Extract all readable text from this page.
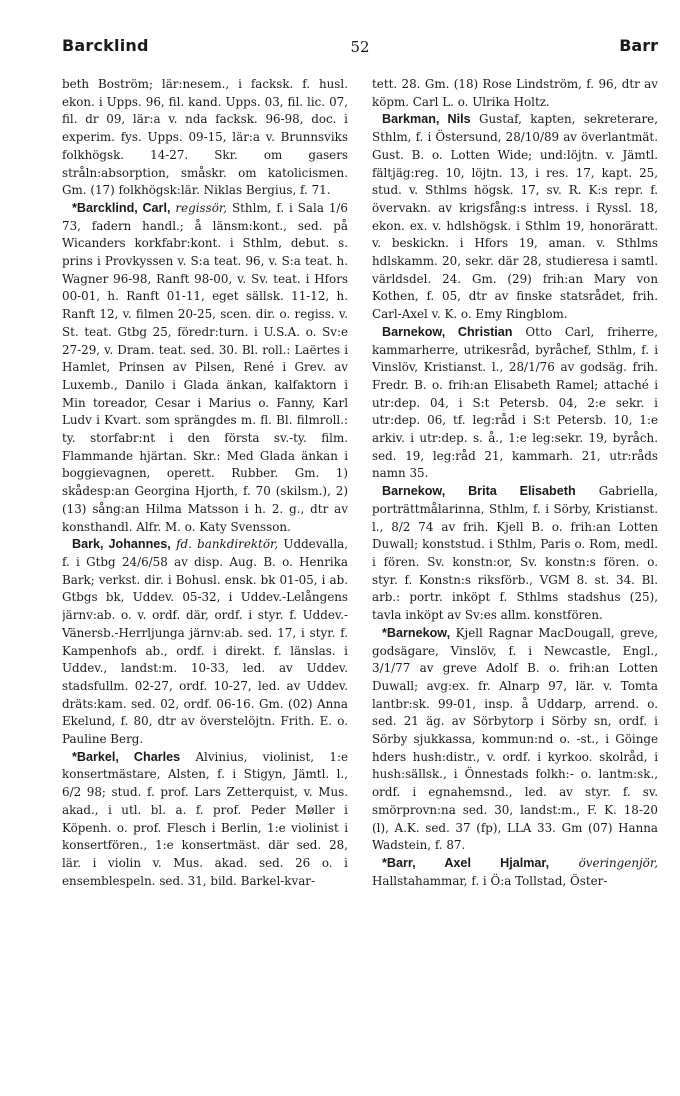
Barcklind	52	Barr

beth Boström; lär:nesem., i facksk. f. husl. ekon. i Upps. 96, fil. kand. Upps. 03, fil. lic. 07, fil. dr 09, lär:a v. nda facksk. 96-98, doc. i experim. fys. Upps. 09-15, lär:a v. Brunnsviks folkhögsk. 14-27. Skr. om gasers stråln:absorption, småskr. om katolicismen. Gm. (17) folkhögsk:lär. Niklas Bergius, f. 71.

*Barcklind, Carl, regissör, Sthlm, f. i Sala 1/6 73, fadern handl.; å länsm:kont., sed. på Wicanders korkfabr:kont. i Sthlm, debut. s. prins i Provkyssen v. S:a teat. 96, v. S:a teat. h. Wagner 96-98, Ranft 98-00, v. Sv. teat. i Hfors 00-01, h. Ranft 01-11, eget sällsk. 11-12, h. Ranft 12, v. filmen 20-25, scen. dir. o. regiss. v. St. teat. Gtbg 25, föredr:turn. i U.S.A. o. Sv:e 27-29, v. Dram. teat. sed. 30. Bl. roll.: Laërtes i Hamlet, Prinsen av Pilsen, René i Grev. av Luxemb., Danilo i Glada änkan, kalfaktorn i Min toreador, Cesar i Marius o. Fanny, Karl Ludv i Kvart. som sprängdes m. fl. Bl. filmroll.: ty. storfabr:nt i den första sv.-ty. film. Flammande hjärtan. Skr.: Med Glada änkan i boggievagnen, operett. Rubber. Gm. 1) skådesp:an Georgina Hjorth, f. 70 (skilsm.), 2) (13) sång:an Hilma Matsson i h. 2. g., dtr av konsthandl. Alfr. M. o. Katy Svensson.

Bark, Johannes, fd. bankdirektör, Uddevalla, f. i Gtbg 24/6/58 av disp. Aug. B. o. Henrika Bark; verkst. dir. i Bohusl. ensk. bk 01-05, i ab. Gtbgs bk, Uddev. 05-32, i Uddev.-Lelångens järnv:ab. o. v. ordf. där, ordf. i styr. f. Uddev.-Vänersb.-Herrljunga järnv:ab. sed. 17, i styr. f. Kampenhofs ab., ordf. i direkt. f. länslas. i Uddev., landst:m. 10-33, led. av Uddev. stadsfullm. 02-27, ordf. 10-27, led. av Uddev. dräts:kam. sed. 02, ordf. 06-16. Gm. (02) Anna Ekelund, f. 80, dtr av överstelöjtn. Frith. E. o. Pauline Berg.

*Barkel, Charles Alvinius, violinist, 1:e konsertmästare, Alsten, f. i Stigyn, Jämtl. l., 6/2 98; stud. f. prof. Lars Zetterquist, v. Mus. akad., i utl. bl. a. f. prof. Peder Møller i Köpenh. o. prof. Flesch i Berlin, 1:e violinist i konsertfören., 1:e konsertmäst. där sed. 28, lär. i violin v. Mus. akad. sed. 26 o. i ensemblespeln. sed. 31, bild. Barkel-kvar-

tett. 28. Gm. (18) Rose Lindström, f. 96, dtr av köpm. Carl L. o. Ulrika Holtz.

Barkman, Nils Gustaf, kapten, sekreterare, Sthlm, f. i Östersund, 28/10/89 av överlantmät. Gust. B. o. Lotten Wide; und:löjtn. v. Jämtl. fältjäg:reg. 10, löjtn. 13, i res. 17, kapt. 25, stud. v. Sthlms högsk. 17, sv. R. K:s repr. f. övervakn. av krigsfång:s intress. i Ryssl. 18, ekon. ex. v. hdlshögsk. i Sthlm 19, honoräratt. v. beskickn. i Hfors 19, aman. v. Sthlms hdlskamm. 20, sekr. där 28, studieresa i samtl. världsdel. 24. Gm. (29) frih:an Mary von Kothen, f. 05, dtr av finske statsrådet, frih. Carl-Axel v. K. o. Emy Ringblom.

Barnekow, Christian Otto Carl, friherre, kammarherre, utrikesråd, byråchef, Sthlm, f. i Vinslöv, Kristianst. l., 28/1/76 av godsäg. frih. Fredr. B. o. frih:an Elisabeth Ramel; attaché i utr:dep. 04, i S:t Petersb. 04, 2:e sekr. i utr:dep. 06, tf. leg:råd i S:t Petersb. 10, 1:e arkiv. i utr:dep. s. å., 1:e leg:sekr. 19, byråch. sed. 19, leg:råd 21, kammarh. 21, utr:råds namn 35.

Barnekow, Brita Elisabeth Gabriella, porträttmålarinna, Sthlm, f. i Sörby, Kristianst. l., 8/2 74 av frih. Kjell B. o. frih:an Lotten Duwall; konststud. i Sthlm, Paris o. Rom, medl. i fören. Sv. konstn:or, Sv. konstn:s fören. o. styr. f. Konstn:s riksförb., VGM 8. st. 34. Bl. arb.: portr. inköpt f. Sthlms stadshus (25), tavla inköpt av Sv:es allm. konstfören.

*Barnekow, Kjell Ragnar MacDougall, greve, godsägare, Vinslöv, f. i Newcastle, Engl., 3/1/77 av greve Adolf B. o. frih:an Lotten Duwall; avg:ex. fr. Alnarp 97, lär. v. Tomta lantbr:sk. 99-01, insp. å Uddarp, arrend. o. sed. 21 äg. av Sörbytorp i Sörby sn, ordf. i Sörby sjukkassa, kommun:nd o. -st., i Göinge hders hush:distr., v. ordf. i kyrkoo. skolråd, i hush:sällsk., i Önnestads folkh:- o. lantm:sk., ordf. i egnahemsnd., led. av styr. f. sv. smörprovn:na sed. 30, landst:m., F. K. 18-20 (l), A.K. sed. 37 (fp), LLA 33. Gm (07) Hanna Wadstein, f. 87.

*Barr, Axel Hjalmar, överingenjör, Hallstahammar, f. i Ö:a Tollstad, Öster-
